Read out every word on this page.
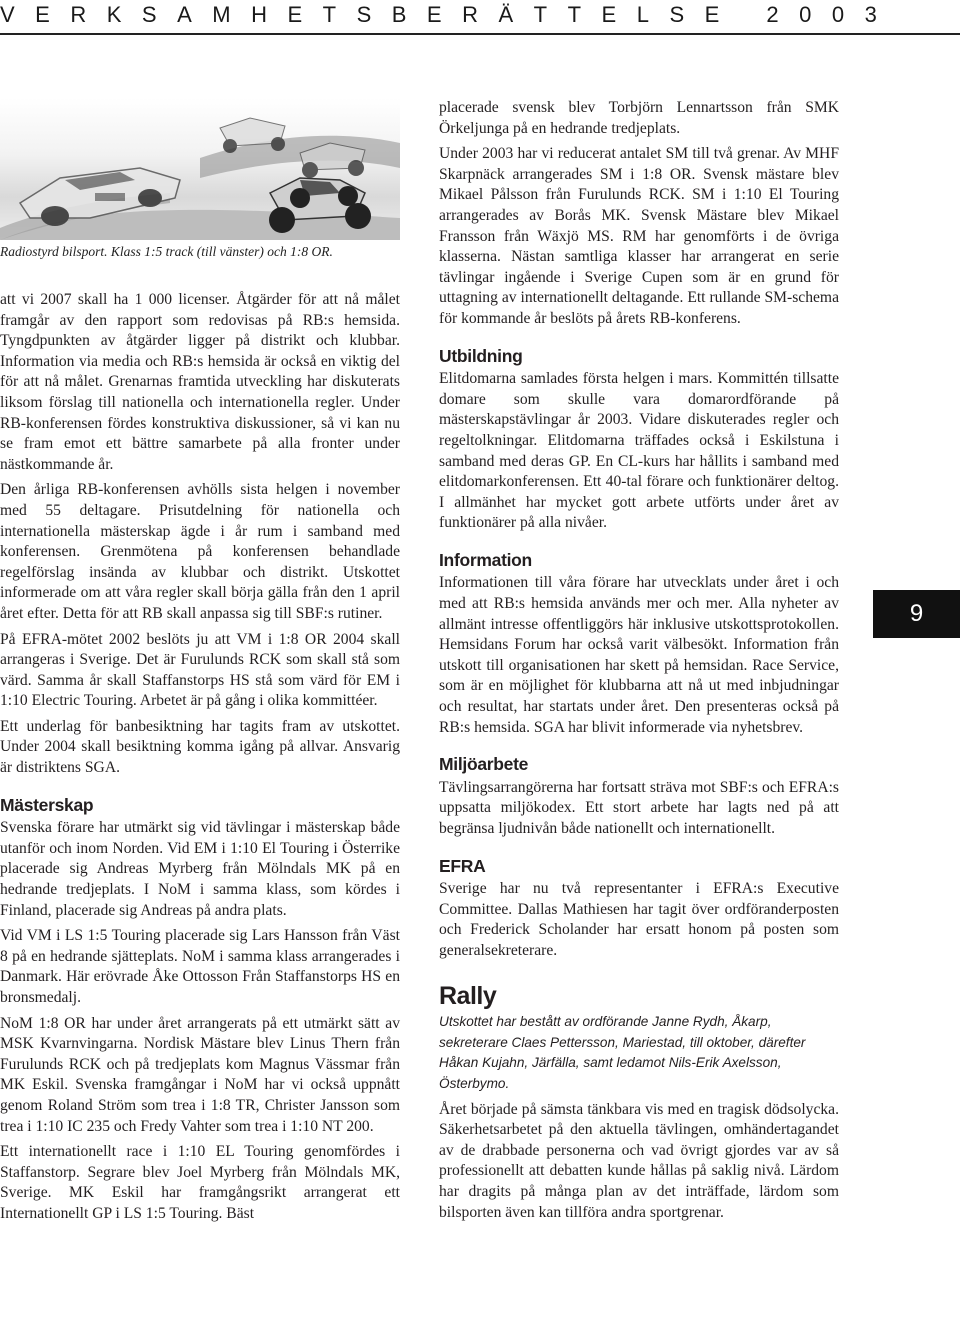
VERKSAMHETSBERÄTTELSE 2003
Radiostyrd bilsport. Klass 1:5 track (till vänster) och 1:8 OR.

att vi 2007 skall ha 1 000 licenser. Åtgärder för att nå målet framgår av den rapport som redovisas på RB:s hemsida. Tyngdpunkten av åtgärder ligger på distrikt och klubbar. Information via media och RB:s hemsida är också en viktig del för att nå målet. Grenarnas framtida utveckling har diskuterats liksom förslag till nationella och internationella regler. Under RB-konferensen fördes konstruktiva diskussioner, så vi kan nu se fram emot ett bättre samarbete på alla fronter under nästkommande år.

Den årliga RB-konferensen avhölls sista helgen i november med 55 deltagare. Prisutdelning för nationella och internationella mästerskap ägde i år rum i samband med konferensen. Grenmötena på konferensen behandlade regelförslag insända av klubbar och distrikt. Utskottet informerade om att våra regler skall börja gälla från den 1 april året efter. Detta för att RB skall anpassa sig till SBF:s rutiner.

På EFRA-mötet 2002 beslöts ju att VM i 1:8 OR 2004 skall arrangeras i Sverige. Det är Furulunds RCK som skall stå som värd. Samma år skall Staffanstorps HS stå som värd för EM i 1:10 Electric Touring. Arbetet är på gång i olika kommittéer.

Ett underlag för banbesiktning har tagits fram av utskottet. Under 2004 skall besiktning komma igång på allvar. Ansvarig är distriktens SGA.

Mästerskap

Svenska förare har utmärkt sig vid tävlingar i mästerskap både utanför och inom Norden. Vid EM i 1:10 El Touring i Österrike placerade sig Andreas Myrberg från Mölndals MK på en hedrande tredjeplats. I NoM i samma klass, som kördes i Finland, placerade sig Andreas på andra plats.

Vid VM i LS 1:5 Touring placerade sig Lars Hansson från Väst 8 på en hedrande sjätteplats. NoM i samma klass arrangerades i Danmark. Här erövrade Åke Ottosson Från Staffanstorps HS en bronsmedalj.

NoM 1:8 OR har under året arrangerats på ett utmärkt sätt av MSK Kvarnvingarna. Nordisk Mästare blev Linus Thern från Furulunds RCK och på tredjeplats kom Magnus Vässmar från MK Eskil. Svenska framgångar i NoM har vi också uppnått genom Roland Ström som trea i 1:8 TR, Christer Jansson som trea i 1:10 IC 235 och Fredy Vahter som trea i 1:10 NT 200.

Ett internationellt race i 1:10 EL Touring genomfördes i Staffanstorp. Segrare blev Joel Myrberg från Mölndals MK, Sverige. MK Eskil har framgångsrikt arrangerat ett Internationellt GP i LS 1:5 Touring. Bäst

placerade svensk blev Torbjörn Lennartsson från SMK Örkeljunga på en hedrande tredjeplats.

Under 2003 har vi reducerat antalet SM till två grenar. Av MHF Skarpnäck arrangerades SM i 1:8 OR. Svensk mästare blev Mikael Pålsson från Furulunds RCK. SM i 1:10 El Touring arrangerades av Borås MK. Svensk Mästare blev Mikael Fransson från Wäxjö MS. RM har genomförts i de övriga klasserna. Nästan samtliga klasser har arrangerat en serie tävlingar ingående i Sverige Cupen som är en grund för uttagning av internationellt deltagande. Ett rullande SM-schema för kommande år beslöts på årets RB-konferens.

Utbildning

Elitdomarna samlades första helgen i mars. Kommittén tillsatte domare som skulle vara domarordförande på mästerskapstävlingar år 2003. Vidare diskuterades regler och regeltolkningar. Elitdomarna träffades också i Eskilstuna i samband med deras GP. En CL-kurs har hållits i samband med elitdomarkonferensen. Ett 40-tal förare och funktionärer deltog. I allmänhet har mycket gott arbete utförts under året av funktionärer på alla nivåer.

Information

Informationen till våra förare har utvecklats under året i och med att RB:s hemsida används mer och mer. Alla nyheter av allmänt intresse offentliggörs här inklusive utskottsprotokollen. Hemsidans Forum har också varit välbesökt. Information från utskott till organisationen har skett på hemsidan. Race Service, som är en möjlighet för klubbarna att nå ut med inbjudningar och resultat, har startats under året. Den presenteras också på RB:s hemsida. SGA har blivit informerade via nyhetsbrev.

Miljöarbete

Tävlingsarrangörerna har fortsatt sträva mot SBF:s och EFRA:s uppsatta miljökodex. Ett stort arbete har lagts ned på att begränsa ljudnivån både nationellt och internationellt.

EFRA

Sverige har nu två representanter i EFRA:s Executive Committee. Dallas Mathiesen har tagit över ordföranderposten och Frederick Scholander har ersatt honom på posten som generalsekreterare.

Rally

Utskottet har bestått av ordförande Janne Rydh, Åkarp, sekreterare Claes Pettersson, Mariestad, till oktober, därefter Håkan Kujahn, Järfälla, samt ledamot Nils-Erik Axelsson, Österbymo.

Året började på sämsta tänkbara vis med en tragisk dödsolycka. Säkerhetsarbetet på den aktuella tävlingen, omhändertagandet av de drabbade personerna och vad övrigt gjordes var av så professionellt att debatten kunde hållas på saklig nivå. Lärdom har dragits på många plan av det inträffade, lärdom som bilsporten även kan tillföra andra sportgrenar.

9
